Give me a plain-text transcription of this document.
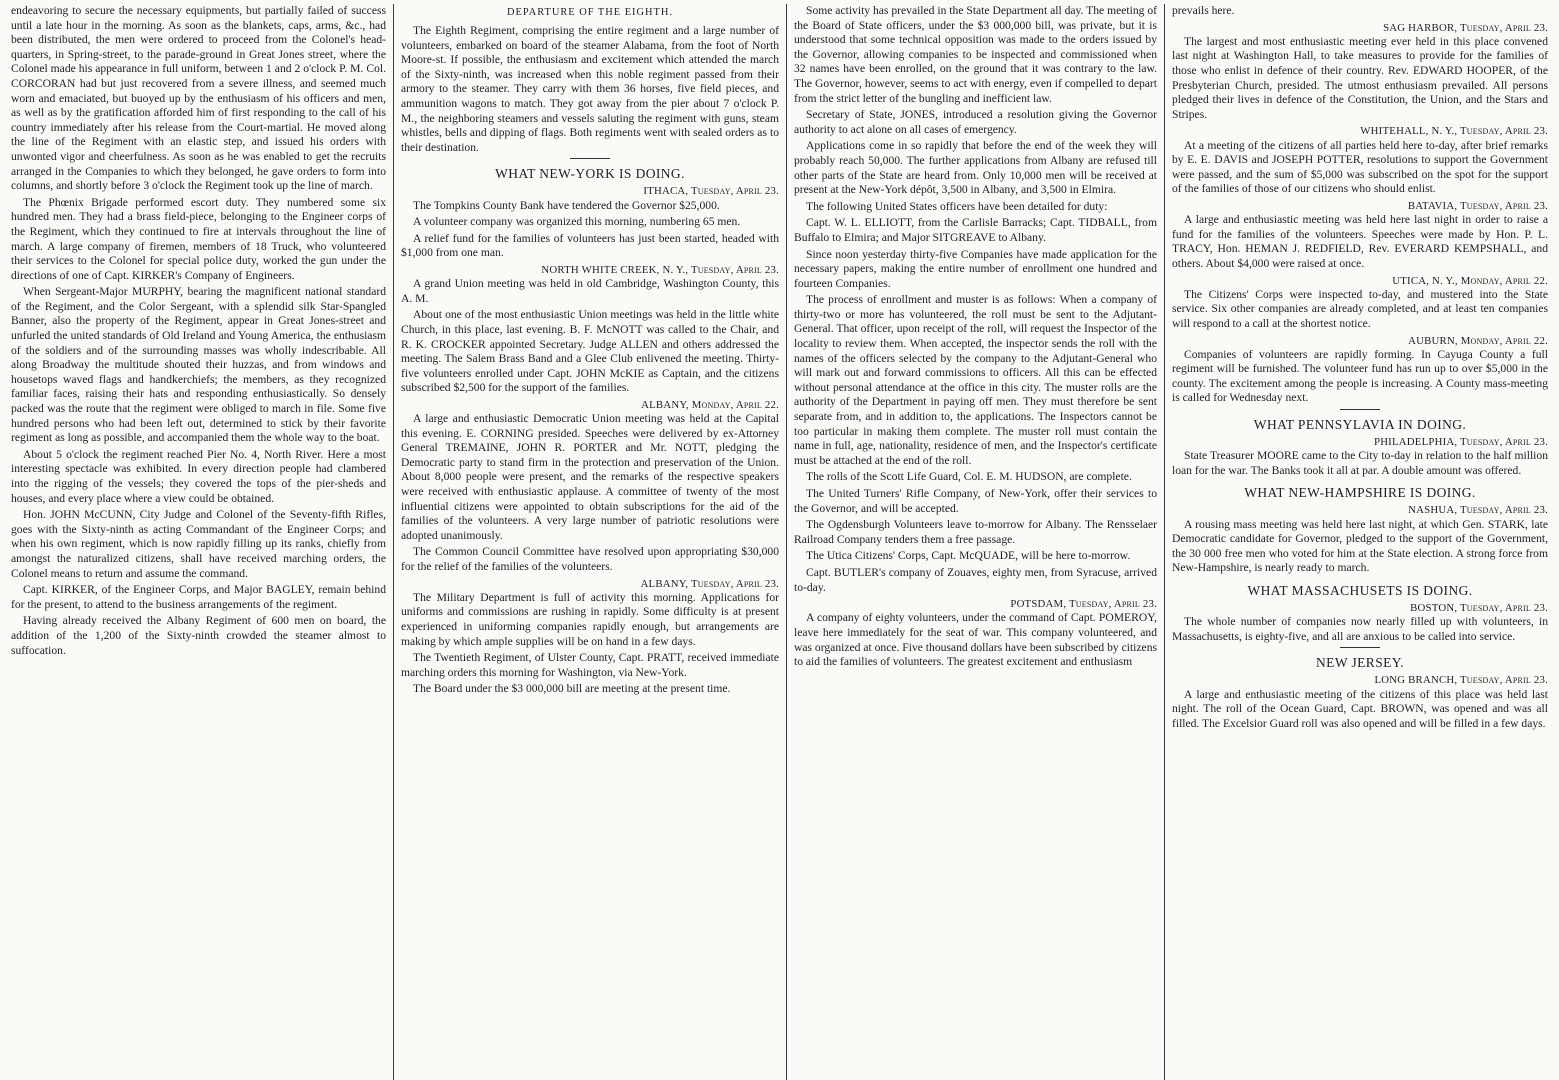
endeavoring to secure the necessary equipments, but partially failed of success until a late hour in the morning. As soon as the blankets, caps, arms, &c., had been distributed, the men were ordered to proceed from the Colonel's head-quarters, in Spring-street, to the parade-ground in Great Jones street, where the Colonel made his appearance in full uniform, between 1 and 2 o'clock P. M. Col. CORCORAN had but just recovered from a severe illness, and seemed much worn and emaciated, but buoyed up by the enthusiasm of his officers and men, as well as by the gratification afforded him of first responding to the call of his country immediately after his release from the Court-martial. He moved along the line of the Regiment with an elastic step, and issued his orders with unwonted vigor and cheerfulness. As soon as he was enabled to get the recruits arranged in the Companies to which they belonged, he gave orders to form into columns, and shortly before 3 o'clock the Regiment took up the line of march.

The Phœnix Brigade performed escort duty. They numbered some six hundred men. They had a brass field-piece, belonging to the Engineer corps of the Regiment, which they continued to fire at intervals throughout the line of march. A large company of firemen, members of 18 Truck, who volunteered their services to the Colonel for special police duty, worked the gun under the directions of one of Capt. KIRKER's Company of Engineers.

When Sergeant-Major MURPHY, bearing the magnificent national standard of the Regiment, and the Color Sergeant, with a splendid silk Star-Spangled Banner, also the property of the Regiment, appear in Great Jones-street and unfurled the united standards of Old Ireland and Young America, the enthusiasm of the soldiers and of the surrounding masses was wholly indescribable. All along Broadway the multitude shouted their huzzas, and from windows and housetops waved flags and handkerchiefs; the members, as they recognized familiar faces, raising their hats and responding enthusiastically. So densely packed was the route that the regiment were obliged to march in file. Some five hundred persons who had been left out, determined to stick by their favorite regiment as long as possible, and accompanied them the whole way to the boat.

About 5 o'clock the regiment reached Pier No. 4, North River. Here a most interesting spectacle was exhibited. In every direction people had clambered into the rigging of the vessels; they covered the tops of the pier-sheds and houses, and every place where a view could be obtained.

Hon. JOHN McCUNN, City Judge and Colonel of the Seventy-fifth Rifles, goes with the Sixty-ninth as acting Commandant of the Engineer Corps; and when his own regiment, which is now rapidly filling up its ranks, chiefly from amongst the naturalized citizens, shall have received marching orders, the Colonel means to return and assume the command.

Capt. KIRKER, of the Engineer Corps, and Major BAGLEY, remain behind for the present, to attend to the business arrangements of the regiment.

Having already received the Albany Regiment of 600 men on board, the addition of the 1,200 of the Sixty-ninth crowded the steamer almost to suffocation.

DEPARTURE OF THE EIGHTH.

The Eighth Regiment, comprising the entire regiment and a large number of volunteers, embarked on board of the steamer Alabama, from the foot of North Moore-st. If possible, the enthusiasm and excitement which attended the march of the Sixty-ninth, was increased when this noble regiment passed from their armory to the steamer. They carry with them 36 horses, five field pieces, and ammunition wagons to match. They got away from the pier about 7 o'clock P. M., the neighboring steamers and vessels saluting the regiment with guns, steam whistles, bells and dipping of flags. Both regiments went with sealed orders as to their destination.

WHAT NEW-YORK IS DOING.
ITHACA, Tuesday, April 23.

The Tompkins County Bank have tendered the Governor $25,000.

A volunteer company was organized this morning, numbering 65 men.

A relief fund for the families of volunteers has just been started, headed with $1,000 from one man.

NORTH WHITE CREEK, N. Y., Tuesday, April 23.

A grand Union meeting was held in old Cambridge, Washington County, this A. M.

About one of the most enthusiastic Union meetings was held in the little white Church, in this place, last evening. B. F. McNOTT was called to the Chair, and R. K. CROCKER appointed Secretary. Judge ALLEN and others addressed the meeting. The Salem Brass Band and a Glee Club enlivened the meeting. Thirty-five volunteers enrolled under Capt. JOHN McKIE as Captain, and the citizens subscribed $2,500 for the support of the families.

ALBANY, Monday, April 22.

A large and enthusiastic Democratic Union meeting was held at the Capital this evening. E. CORNING presided. Speeches were delivered by ex-Attorney General TREMAINE, JOHN R. PORTER and Mr. NOTT, pledging the Democratic party to stand firm in the protection and preservation of the Union. About 8,000 people were present, and the remarks of the respective speakers were received with enthusiastic applause. A committee of twenty of the most influential citizens were appointed to obtain subscriptions for the aid of the families of the volunteers. A very large number of patriotic resolutions were adopted unanimously.

The Common Council Committee have resolved upon appropriating $30,000 for the relief of the families of the volunteers.

ALBANY, Tuesday, April 23.

The Military Department is full of activity this morning. Applications for uniforms and commissions are rushing in rapidly. Some difficulty is at present experienced in uniforming companies rapidly enough, but arrangements are making by which ample supplies will be on hand in a few days.

The Twentieth Regiment, of Ulster County, Capt. PRATT, received immediate marching orders this morning for Washington, via New-York.

The Board under the $3 000,000 bill are meeting at the present time.

Some activity has prevailed in the State Department all day. The meeting of the Board of State officers, under the $3 000,000 bill, was private, but it is understood that some technical opposition was made to the orders issued by the Governor, allowing companies to be inspected and commissioned when 32 names have been enrolled, on the ground that it was contrary to the law. The Governor, however, seems to act with energy, even if compelled to depart from the strict letter of the bungling and inefficient law.

Secretary of State, JONES, introduced a resolution giving the Governor authority to act alone on all cases of emergency.

Applications come in so rapidly that before the end of the week they will probably reach 50,000. The further applications from Albany are refused till other parts of the State are heard from. Only 10,000 men will be received at present at the New-York dépôt, 3,500 in Albany, and 3,500 in Elmira.

The following United States officers have been detailed for duty:

Capt. W. L. ELLIOTT, from the Carlisle Barracks; Capt. TIDBALL, from Buffalo to Elmira; and Major SITGREAVE to Albany.

Since noon yesterday thirty-five Companies have made application for the necessary papers, making the entire number of enrollment one hundred and fourteen Companies.

The process of enrollment and muster is as follows: When a company of thirty-two or more has volunteered, the roll must be sent to the Adjutant-General. That officer, upon receipt of the roll, will request the Inspector of the locality to review them. When accepted, the inspector sends the roll with the names of the officers selected by the company to the Adjutant-General who will mark out and forward commissions to officers. All this can be effected without personal attendance at the office in this city. The muster rolls are the authority of the Department in paying off men. They must therefore be sent separate from, and in addition to, the applications. The Inspectors cannot be too particular in making them complete. The muster roll must contain the name in full, age, nationality, residence of men, and the Inspector's certificate must be attached at the end of the roll.

The rolls of the Scott Life Guard, Col. E. M. HUDSON, are complete.

The United Turners' Rifle Company, of New-York, offer their services to the Governor, and will be accepted.

The Ogdensburgh Volunteers leave to-morrow for Albany. The Rensselaer Railroad Company tenders them a free passage.

The Utica Citizens' Corps, Capt. McQUADE, will be here to-morrow.

Capt. BUTLER's company of Zouaves, eighty men, from Syracuse, arrived to-day.

POTSDAM, Tuesday, April 23.

A company of eighty volunteers, under the command of Capt. POMEROY, leave here immediately for the seat of war. This company volunteered, and was organized at once. Five thousand dollars have been subscribed by citizens to aid the families of volunteers. The greatest excitement and enthusiasm

prevails here.

SAG HARBOR, Tuesday, April 23.

The largest and most enthusiastic meeting ever held in this place convened last night at Washington Hall, to take measures to provide for the families of those who enlist in defence of their country. Rev. EDWARD HOOPER, of the Presbyterian Church, presided. The utmost enthusiasm prevailed. All persons pledged their lives in defence of the Constitution, the Union, and the Stars and Stripes.

WHITEHALL, N. Y., Tuesday, April 23.

At a meeting of the citizens of all parties held here to-day, after brief remarks by E. E. DAVIS and JOSEPH POTTER, resolutions to support the Government were passed, and the sum of $5,000 was subscribed on the spot for the support of the families of those of our citizens who should enlist.

BATAVIA, Tuesday, April 23.

A large and enthusiastic meeting was held here last night in order to raise a fund for the families of the volunteers. Speeches were made by Hon. P. L. TRACY, Hon. HEMAN J. REDFIELD, Rev. EVERARD KEMPSHALL, and others. About $4,000 were raised at once.

UTICA, N. Y., Monday, April 22.

The Citizens' Corps were inspected to-day, and mustered into the State service. Six other companies are already completed, and at least ten companies will respond to a call at the shortest notice.

AUBURN, Monday, April 22.

Companies of volunteers are rapidly forming. In Cayuga County a full regiment will be furnished. The volunteer fund has run up to over $5,000 in the county. The excitement among the people is increasing. A County mass-meeting is called for Wednesday next.

WHAT PENNSYLAVIA IN DOING.
PHILADELPHIA, Tuesday, April 23.

State Treasurer MOORE came to the City to-day in relation to the half million loan for the war. The Banks took it all at par. A double amount was offered.

WHAT NEW-HAMPSHIRE IS DOING.
NASHUA, Tuesday, April 23.

A rousing mass meeting was held here last night, at which Gen. STARK, late Democratic candidate for Governor, pledged to the support of the Government, the 30 000 free men who voted for him at the State election. A strong force from New-Hampshire, is nearly ready to march.

WHAT MASSACHUSETS IS DOING.
BOSTON, Tuesday, April 23.

The whole number of companies now nearly filled up with volunteers, in Massachusetts, is eighty-five, and all are anxious to be called into service.

NEW JERSEY.
LONG BRANCH, Tuesday, April 23.

A large and enthusiastic meeting of the citizens of this place was held last night. The roll of the Ocean Guard, Capt. BROWN, was opened and was all filled. The Excelsior Guard roll was also opened and will be filled in a few days.
